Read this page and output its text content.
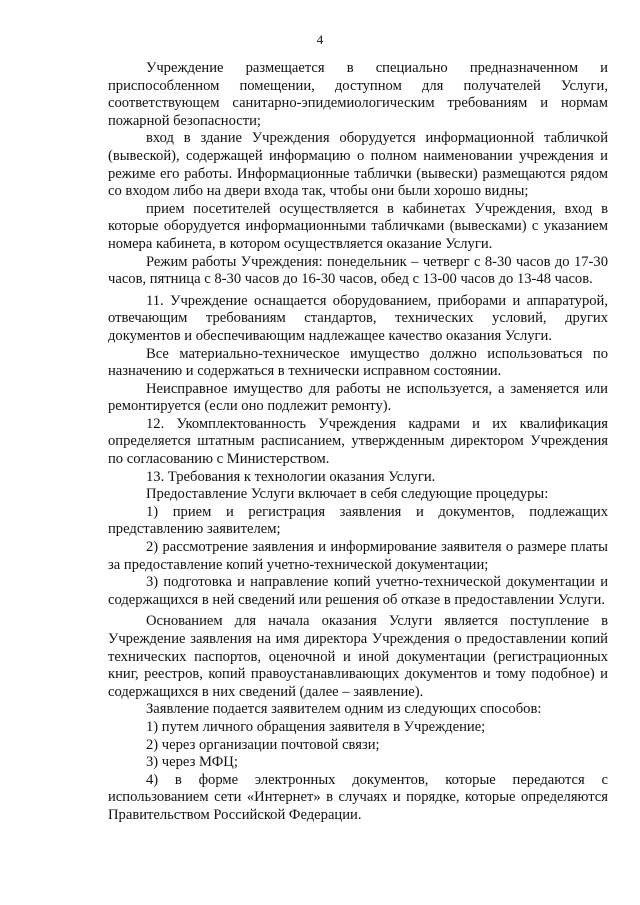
4

Учреждение размещается в специально предназначенном и приспособленном помещении, доступном для получателей Услуги, соответствующем санитарно-эпидемиологическим требованиям и нормам пожарной безопасности;

вход в здание Учреждения оборудуется информационной табличкой (вывеской), содержащей информацию о полном наименовании учреждения и режиме его работы. Информационные таблички (вывески) размещаются рядом со входом либо на двери входа так, чтобы они были хорошо видны;

прием посетителей осуществляется в кабинетах Учреждения, вход в которые оборудуется информационными табличками (вывесками) с указанием номера кабинета, в котором осуществляется оказание Услуги.

Режим работы Учреждения: понедельник – четверг с 8-30 часов до 17-30 часов, пятница с 8-30 часов до 16-30 часов, обед с 13-00 часов до 13-48 часов.

11. Учреждение оснащается оборудованием, приборами и аппаратурой, отвечающим требованиям стандартов, технических условий, других документов и обеспечивающим надлежащее качество оказания Услуги.

Все материально-техническое имущество должно использоваться по назначению и содержаться в технически исправном состоянии.

Неисправное имущество для работы не используется, а заменяется или ремонтируется (если оно подлежит ремонту).

12. Укомплектованность Учреждения кадрами и их квалификация определяется штатным расписанием, утвержденным директором Учреждения по согласованию с Министерством.

13. Требования к технологии оказания Услуги.

Предоставление Услуги включает в себя следующие процедуры:

1) прием и регистрация заявления и документов, подлежащих представлению заявителем;

2) рассмотрение заявления и информирование заявителя о размере платы за предоставление копий учетно-технической документации;

3) подготовка и направление копий учетно-технической документации и содержащихся в ней сведений или решения об отказе в предоставлении Услуги.

Основанием для начала оказания Услуги является поступление в Учреждение заявления на имя директора Учреждения о предоставлении копий технических паспортов, оценочной и иной документации (регистрационных книг, реестров, копий правоустанавливающих документов и тому подобное) и содержащихся в них сведений (далее – заявление).

Заявление подается заявителем одним из следующих способов:

1) путем личного обращения заявителя в Учреждение;

2) через организации почтовой связи;

3) через МФЦ;

4) в форме электронных документов, которые передаются с использованием сети «Интернет» в случаях и порядке, которые определяются Правительством Российской Федерации.
